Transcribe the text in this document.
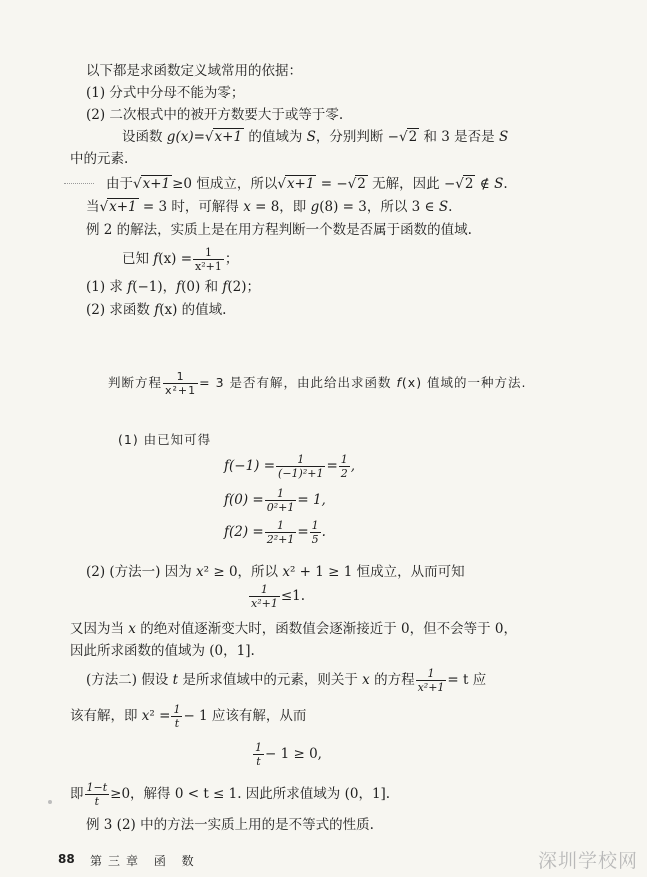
以下都是求函数定义域常用的依据：
(1) 分式中分母不能为零；
(2) 二次根式中的被开方数要大于或等于零.
设函数 g(x)=√x+1 的值域为 S，分别判断 −√2 和 3 是否是 S
中的元素.
由于√x+1 ≥0 恒成立，所以√x+1 = −√2 无解，因此 −√2 ∉ S.
当√x+1 = 3 时，可解得 x = 8，即 g(8) = 3，所以 3 ∈ S.
例 2 的解法，实质上是在用方程判断一个数是否属于函数的值域.
已知 $f(x) = \frac{1}{\text{x²+1}}$ ；
(1) 求 f(−1)，f(0) 和 f(2)；
(2) 求函数 f(x) 的值域.
判断方程 $\frac{1}{\text{x²+1}} = 3$ 是否有解，由此给出求函数 f(x) 值域的一种方法.
(1) 由已知可得
$f(-1) = \frac{1}{\text{(−1)²+1}} = \frac{1}{2}$ ,
$f(0) = \frac{1}{\text{0²+1}} = 1$,
$f(2) = \frac{1}{\text{2²+1}} = \frac{1}{5}$ .
(2) (方法一) 因为 x² ≥ 0，所以 x² + 1 ≥ 1 恒成立，从而可知
$\frac{1}{\text{x²+1}} \le 1$.
又因为当 x 的绝对值逐渐变大时，函数值会逐渐接近于 0，但不会等于 0，
因此所求函数的值域为 (0，1].
(方法二) 假设 t 是所求值域中的元素，则关于 x 的方程 $\frac{1}{\text{x²+1}} = t$ 应
该有解，即 $x^2 = \frac{1}{t} - 1$ 应该有解，从而
$\frac{1}{t} - 1 \ge 0$,
即 $\frac{1-t}{t} \ge 0$，解得 0 < t ≤ 1. 因此所求值域为 (0，1].
例 3 (2) 中的方法一实质上用的是不等式的性质.
88 第三章 函 数	深圳学校网
